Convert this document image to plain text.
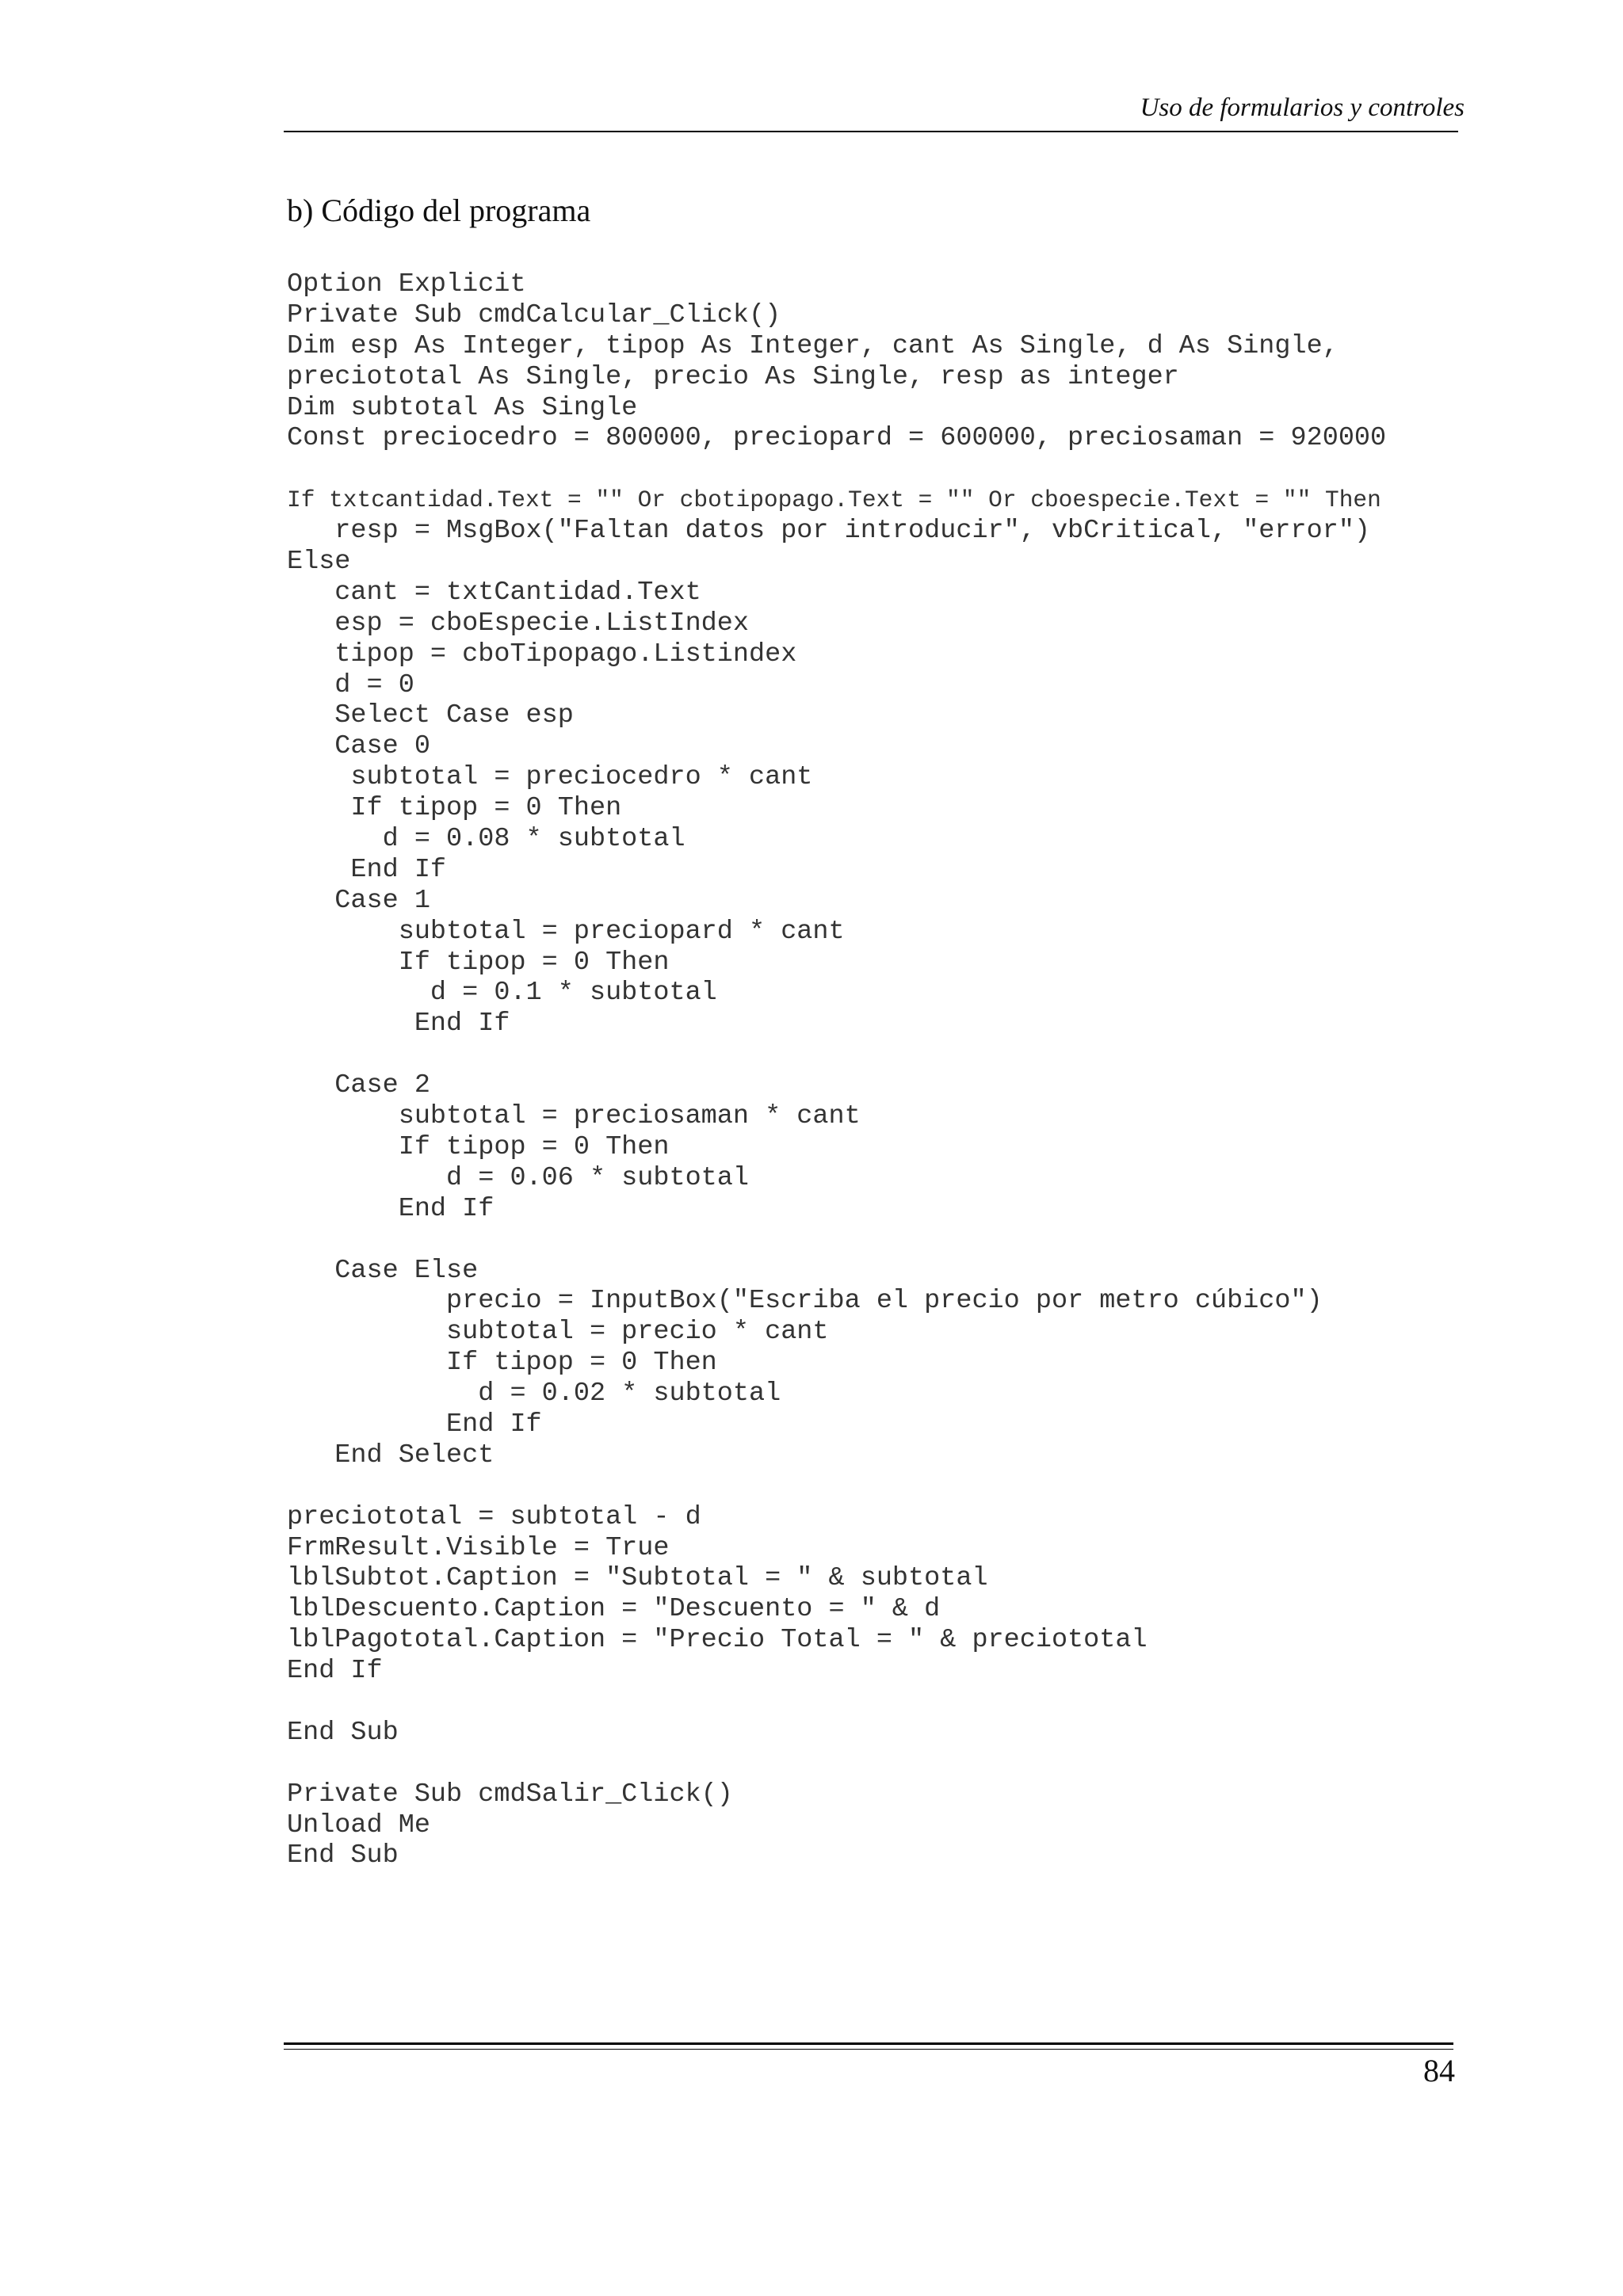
Uso de formularios y controles
b) Código del programa
Option Explicit
Private Sub cmdCalcular_Click()
Dim esp As Integer, tipop As Integer, cant As Single, d As Single,
preciototal As Single, precio As Single, resp as integer
Dim subtotal As Single
Const preciocedro = 800000, preciopard = 600000, preciosaman = 920000
If txtcantidad.Text = "" Or cbotipopago.Text = "" Or cboespecie.Text = "" Then
resp = MsgBox("Faltan datos por introducir", vbCritical, "error")
Else
cant = txtCantidad.Text
esp = cboEspecie.ListIndex
tipop = cboTipopago.Listindex
d = 0
Select Case esp
Case 0
subtotal = preciocedro * cant
If tipop = 0 Then
d = 0.08 * subtotal
End If
Case 1
subtotal = preciopard * cant
If tipop = 0 Then
d = 0.1 * subtotal
End If
Case 2
subtotal = preciosaman * cant
If tipop = 0 Then
d = 0.06 * subtotal
End If
Case Else
precio = InputBox("Escriba el precio por metro cúbico")
subtotal = precio * cant
If tipop = 0 Then
d = 0.02 * subtotal
End If
End Select
preciototal = subtotal - d
FrmResult.Visible = True
lblSubtot.Caption = "Subtotal = " & subtotal
lblDescuento.Caption = "Descuento = " & d
lblPagototal.Caption = "Precio Total = " & preciototal
End If
End Sub
Private Sub cmdSalir_Click()
Unload Me
End Sub
84
